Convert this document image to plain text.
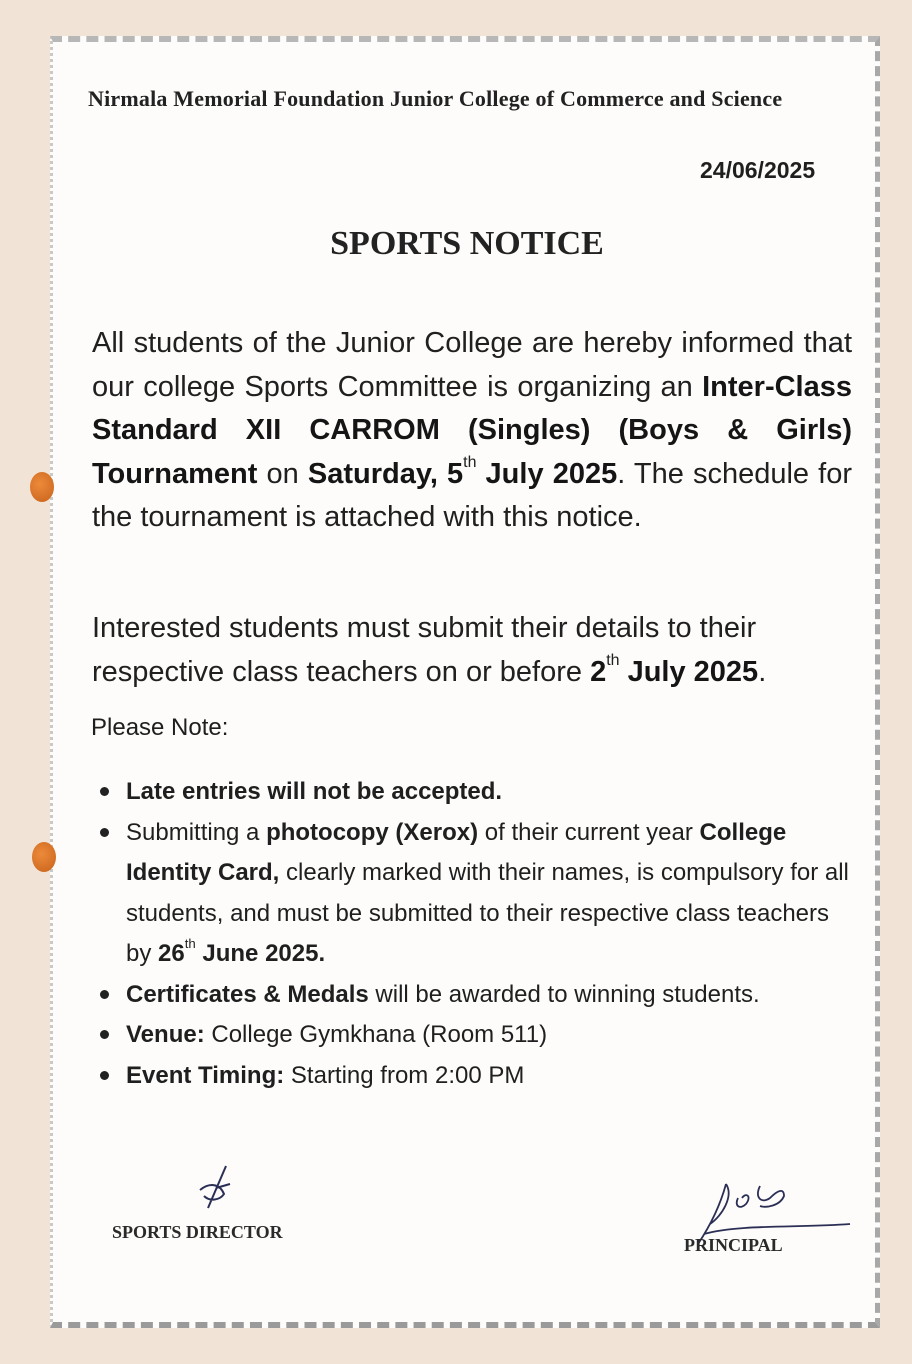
Nirmala Memorial Foundation Junior College of Commerce and Science
24/06/2025
SPORTS NOTICE
All students of the Junior College are hereby informed that our college Sports Committee is organizing an Inter-Class Standard XII CARROM (Singles) (Boys & Girls) Tournament on Saturday, 5th July 2025. The schedule for the tournament is attached with this notice.
Interested students must submit their details to their respective class teachers on or before 2th July 2025.
Please Note:
Late entries will not be accepted.
Submitting a photocopy (Xerox) of their current year College Identity Card, clearly marked with their names, is compulsory for all students, and must be submitted to their respective class teachers by 26th June 2025.
Certificates & Medals will be awarded to winning students.
Venue: College Gymkhana (Room 511)
Event Timing: Starting from 2:00 PM
SPORTS DIRECTOR
PRINCIPAL
